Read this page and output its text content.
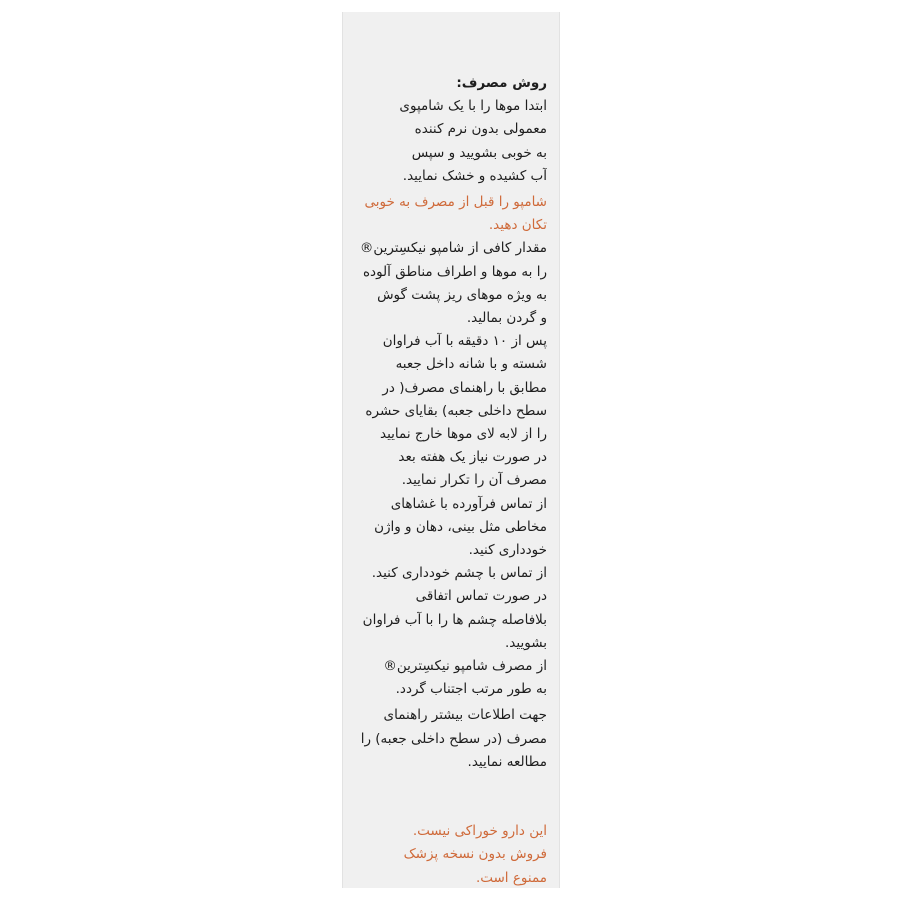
روش مصرف:
ابتدا موها را با یک شامپوی
معمولی بدون نرم کننده
به خوبی بشویید و سپس
آب کشیده و خشک نمایید.
شامپو را قبل از مصرف به خوبی
تکان دهید.
مقدار کافی از شامپو نیکسِترین®
را به موها و اطراف مناطق آلوده
به ویژه موهای ریز پشت گوش
و گردن بمالید.
پس از ۱۰ دقیقه با آب فراوان
شسته و با شانه داخل جعبه
مطابق با راهنمای مصرف( در
سطح داخلی جعبه) بقایای حشره
را از لابه لای موها خارج نمایید
در صورت نیاز یک هفته بعد
مصرف آن را تکرار نمایید.
از تماس فرآورده با غشاهای
مخاطی مثل بینی، دهان و واژن
خودداری کنید.
از تماس با چشم خودداری کنید.
در صورت تماس اتفاقی
بلافاصله چشم ها را با آب فراوان
بشویید.
از مصرف شامپو نیکسِترین®
به طور مرتب اجتناب گردد.
جهت اطلاعات بیشتر راهنمای
مصرف (در سطح داخلی جعبه) را
مطالعه نمایید.
این دارو خوراکی نیست.
فروش بدون نسخه پزشک
ممنوع است.
